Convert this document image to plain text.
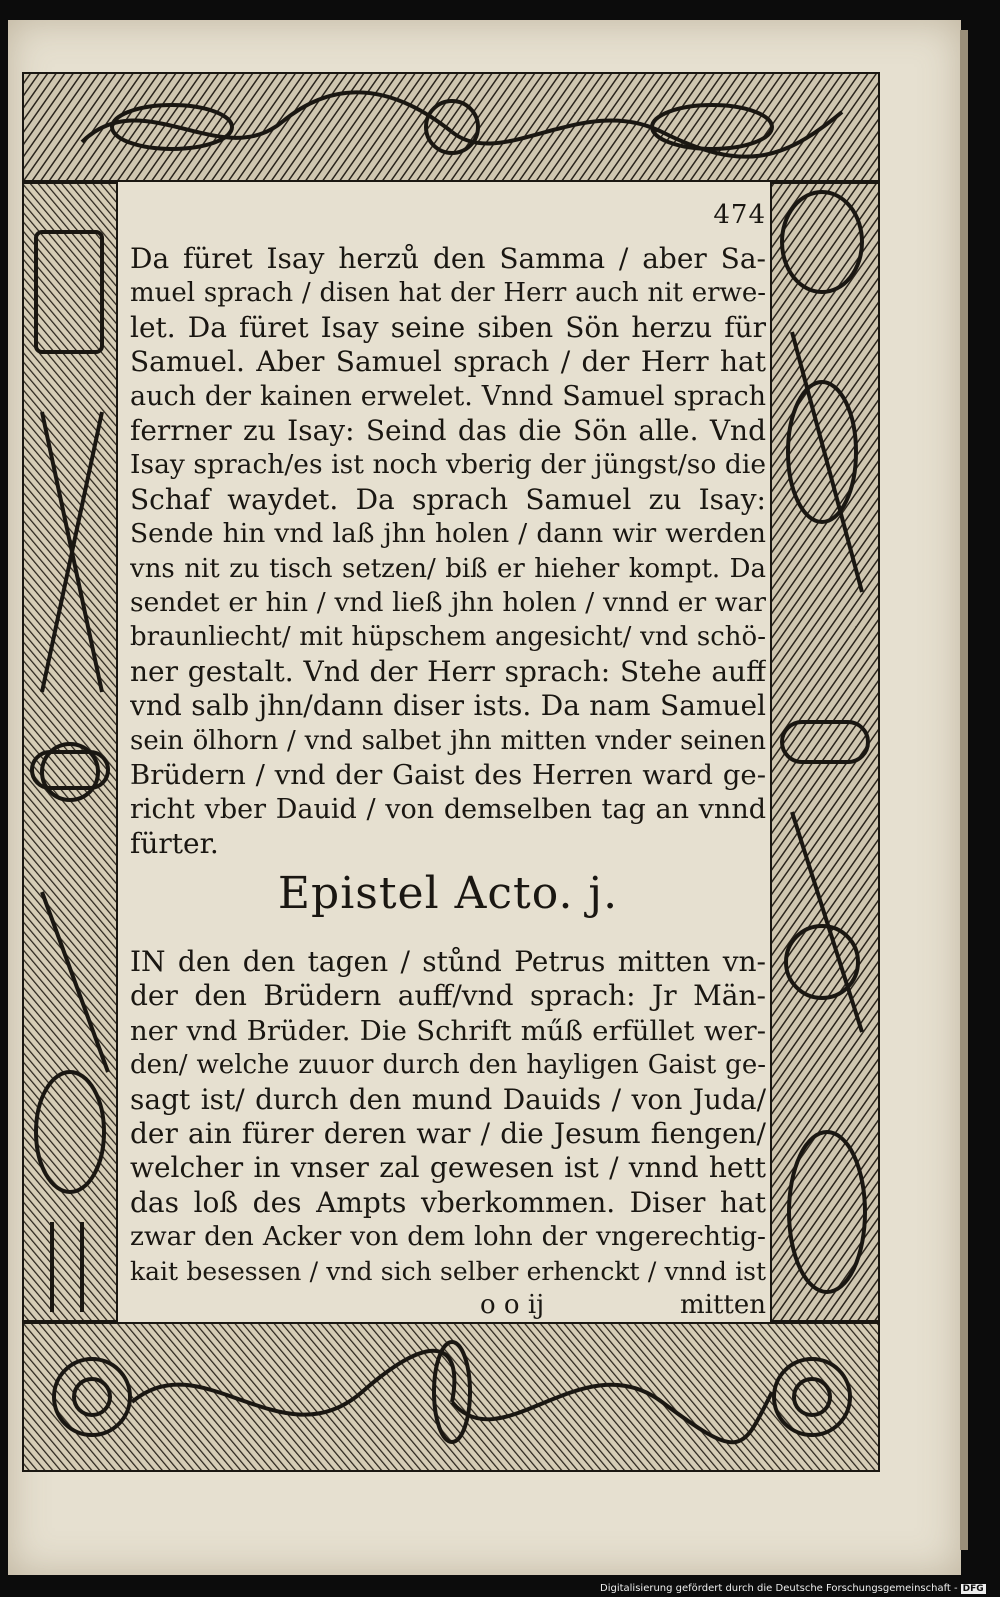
474
Da füret Isay herzů den Samma / aber Sa-
muel sprach / disen hat der Herr auch nit erwe-
let. Da füret Isay seine siben Sön herzu für
Samuel. Aber Samuel sprach / der Herr hat
auch der kainen erwelet. Vnnd Samuel sprach
ferrner zu Isay: Seind das die Sön alle. Vnd
Isay sprach/es ist noch vberig der jüngst/so die
Schaf waydet. Da sprach Samuel zu Isay:
Sende hin vnd laß jhn holen / dann wir werden
vns nit zu tisch setzen/ biß er hieher kompt. Da
sendet er hin / vnd ließ jhn holen / vnnd er war
braunliecht/ mit hüpschem angesicht/ vnd schö-
ner gestalt. Vnd der Herr sprach: Stehe auff
vnd salb jhn/dann diser ists. Da nam Samuel
sein ölhorn / vnd salbet jhn mitten vnder seinen
Brüdern / vnd der Gaist des Herren ward ge-
richt vber Dauid / von demselben tag an vnnd
fürter.
Epistel Acto. j.
IN den den tagen / stůnd Petrus mitten vn-
der den Brüdern auff/vnd sprach: Jr Män-
ner vnd Brüder. Die Schrift műß erfüllet wer-
den/ welche zuuor durch den hayligen Gaist ge-
sagt ist/ durch den mund Dauids / von Juda/
der ain fürer deren war / die Jesum fiengen/
welcher in vnser zal gewesen ist / vnnd hett
das loß des Ampts vberkommen. Diser hat
zwar den Acker von dem lohn der vngerechtig-
kait besessen / vnd sich selber erhenckt / vnnd ist
o o ij	mitten
Digitalisierung gefördert durch die Deutsche Forschungsgemeinschaft - DFG
